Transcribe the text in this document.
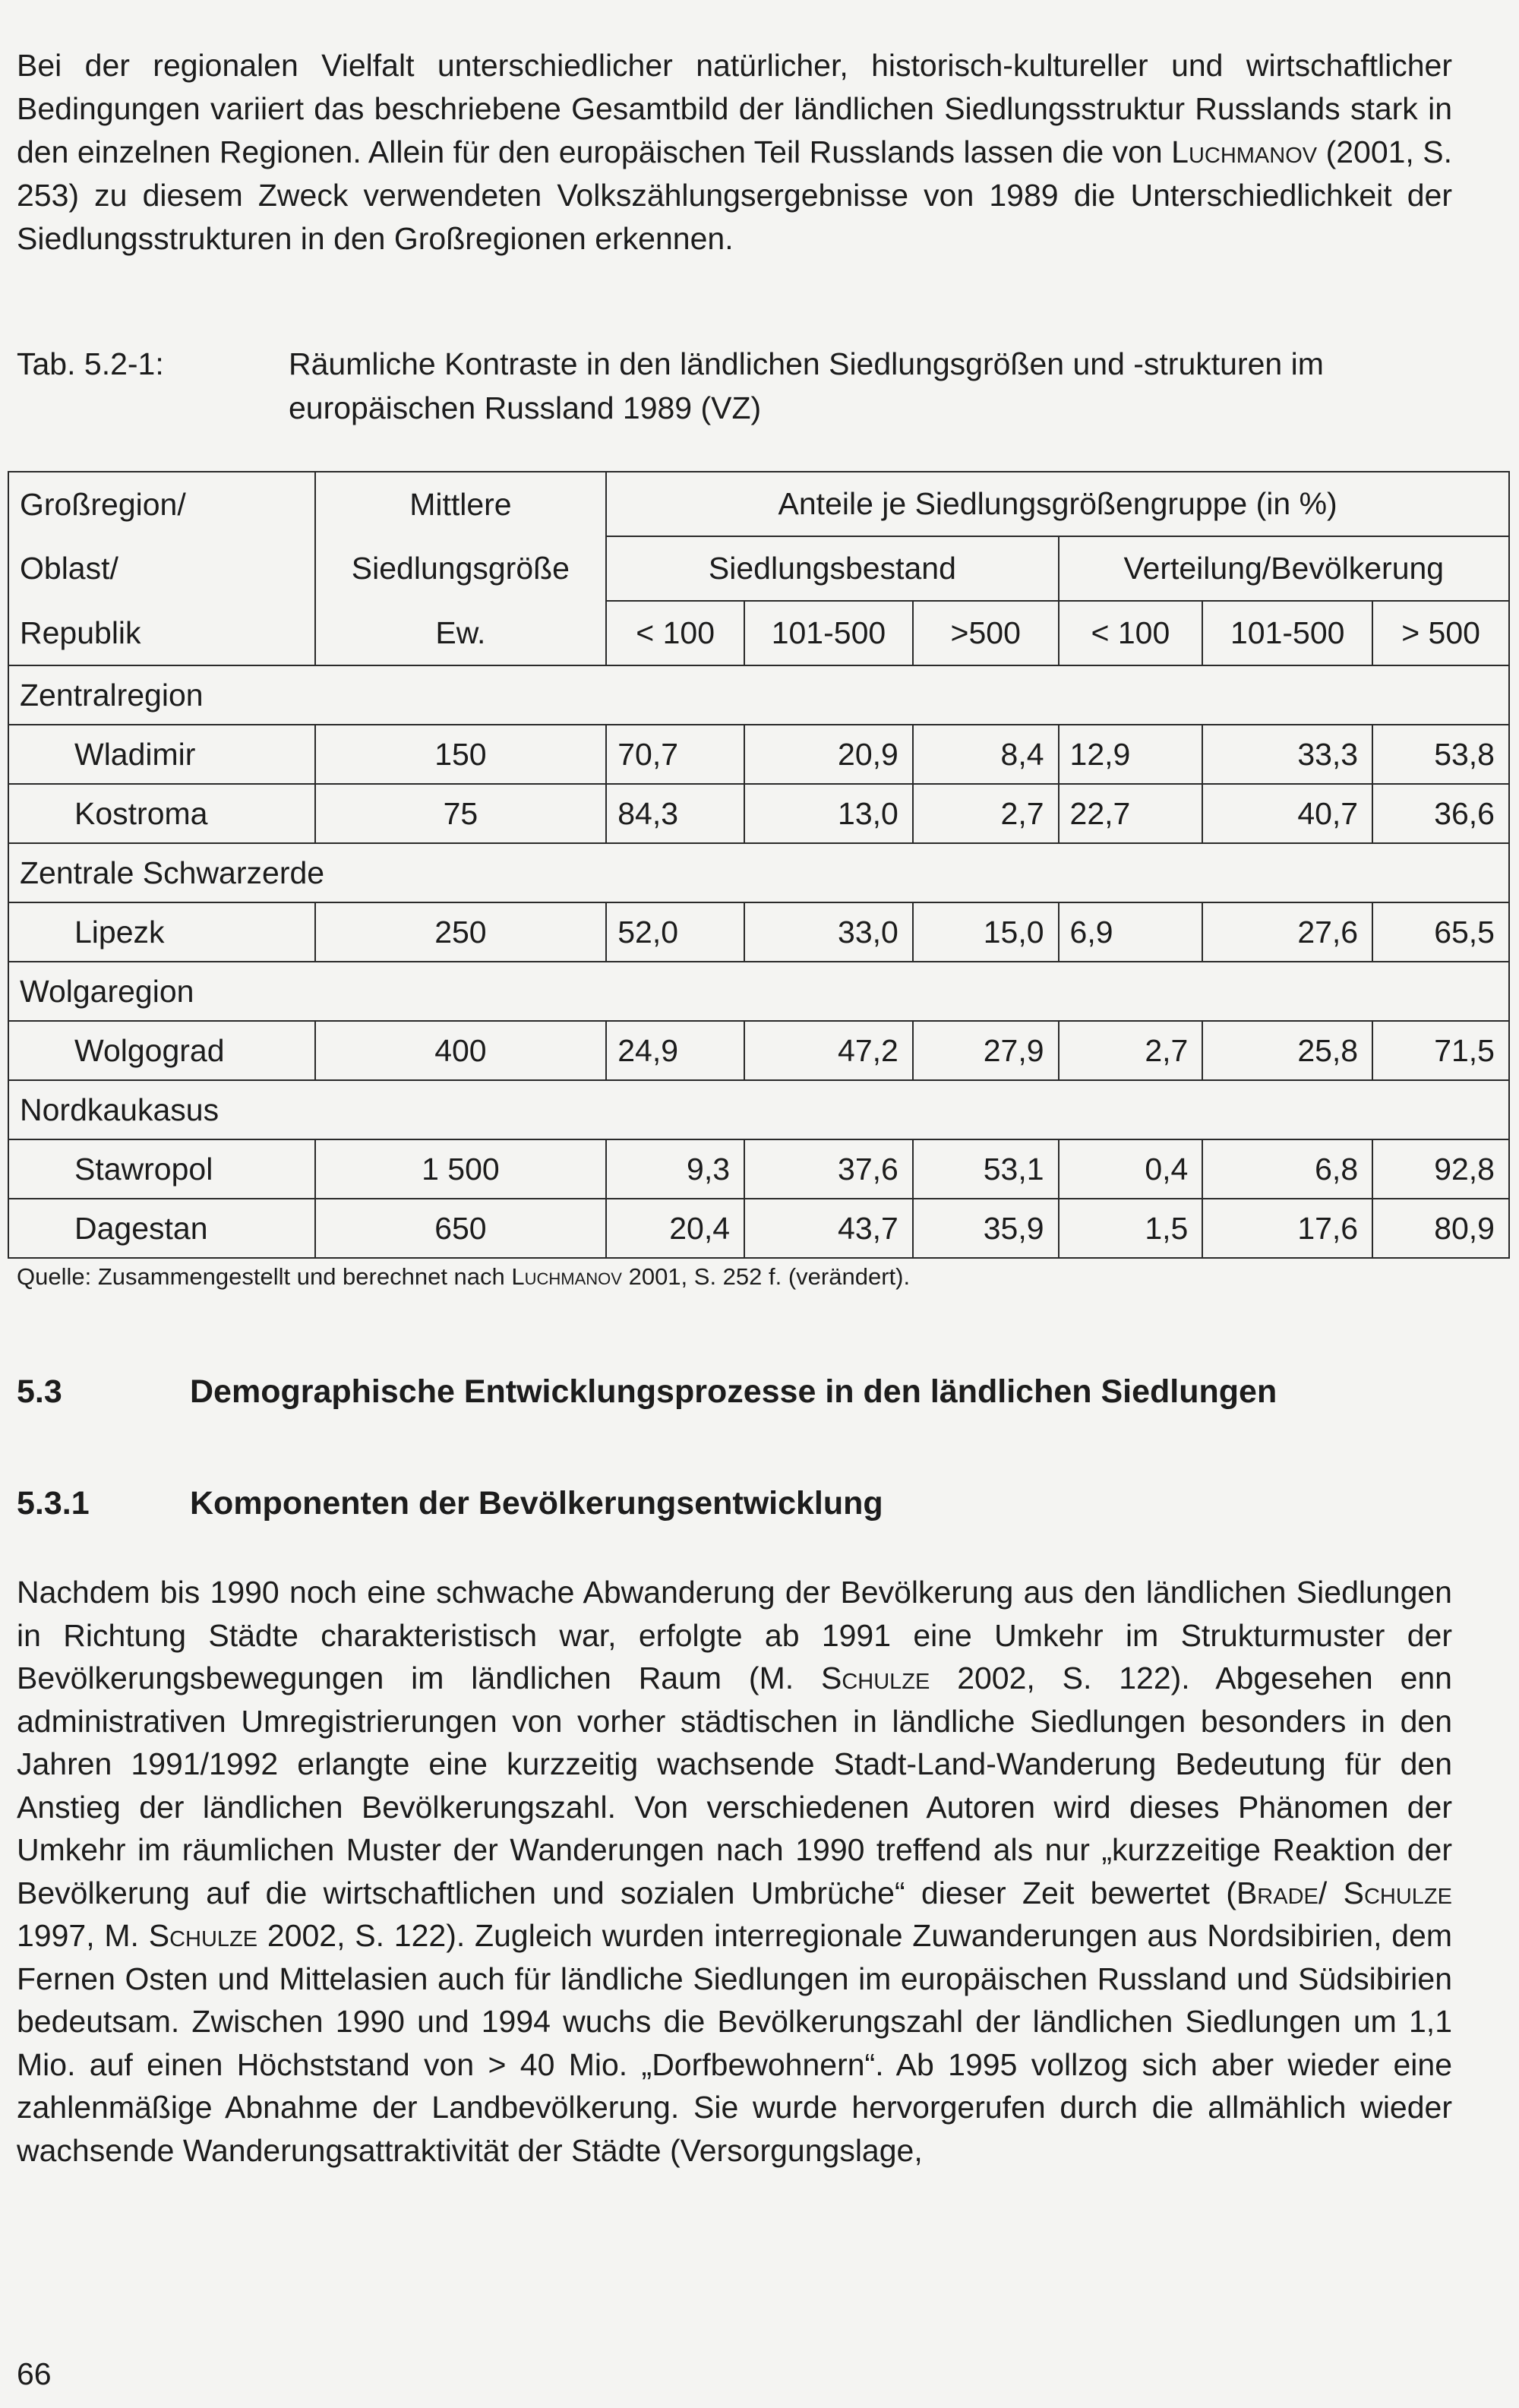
Bei der regionalen Vielfalt unterschiedlicher natürlicher, historisch-kultureller und wirtschaftlicher Bedingungen variiert das beschriebene Gesamtbild der ländlichen Siedlungsstruktur Russlands stark in den einzelnen Regionen. Allein für den europäischen Teil Russlands lassen die von Luchmanov (2001, S. 253) zu diesem Zweck verwendeten Volkszählungsergebnisse von 1989 die Unterschiedlichkeit der Siedlungsstrukturen in den Großregionen erkennen.

Tab. 5.2-1:	Räumliche Kontraste in den ländlichen Siedlungsgrößen und -strukturen im europäischen Russland 1989 (VZ)
Großregion/	Mittlere	Anteile je Siedlungsgrößengruppe (in %)					
Oblast/	Siedlungsgröße	Siedlungsbestand			Verteilung/Bevölkerung		
Republik	Ew.	< 100	101-500	>500	< 100	101-500	> 500
Zentralregion							
Wladimir	150	70,7	20,9	8,4	12,9	33,3	53,8
Kostroma	75	84,3	13,0	2,7	22,7	40,7	36,6
Zentrale Schwarzerde							
Lipezk	250	52,0	33,0	15,0	6,9	27,6	65,5
Wolgaregion							
Wolgograd	400	24,9	47,2	27,9	2,7	25,8	71,5
Nordkaukasus							
Stawropol	1 500	9,3	37,6	53,1	0,4	6,8	92,8
Dagestan	650	20,4	43,7	35,9	1,5	17,6	80,9
Quelle: Zusammengestellt und berechnet nach Luchmanov 2001, S. 252 f. (verändert).
5.3	Demographische Entwicklungsprozesse in den ländlichen Siedlungen
5.3.1	Komponenten der Bevölkerungsentwicklung

Nachdem bis 1990 noch eine schwache Abwanderung der Bevölkerung aus den ländlichen Siedlungen in Richtung Städte charakteristisch war, erfolgte ab 1991 eine Umkehr im Strukturmuster der Bevölkerungsbewegungen im ländlichen Raum (M. Schulze 2002, S. 122). Abgesehen enn administrativen Umregistrierungen von vorher städtischen in ländliche Siedlungen besonders in den Jahren 1991/1992 erlangte eine kurzzeitig wachsende Stadt-Land-Wanderung Bedeutung für den Anstieg der ländlichen Bevölkerungszahl. Von verschiedenen Autoren wird dieses Phänomen der Umkehr im räumlichen Muster der Wanderungen nach 1990 treffend als nur „kurzzeitige Reaktion der Bevölkerung auf die wirtschaftlichen und sozialen Umbrüche“ dieser Zeit bewertet (Brade/ Schulze 1997, M. Schulze 2002, S. 122). Zugleich wurden interregionale Zuwanderungen aus Nordsibirien, dem Fernen Osten und Mittelasien auch für ländliche Siedlungen im europäischen Russland und Südsibirien bedeutsam. Zwischen 1990 und 1994 wuchs die Bevölkerungszahl der ländlichen Siedlungen um 1,1 Mio. auf einen Höchststand von > 40 Mio. „Dorfbewohnern“. Ab 1995 vollzog sich aber wieder eine zahlenmäßige Abnahme der Landbevölkerung. Sie wurde hervorgerufen durch die allmählich wieder wachsende Wanderungsattraktivität der Städte (Versorgungslage,

66
